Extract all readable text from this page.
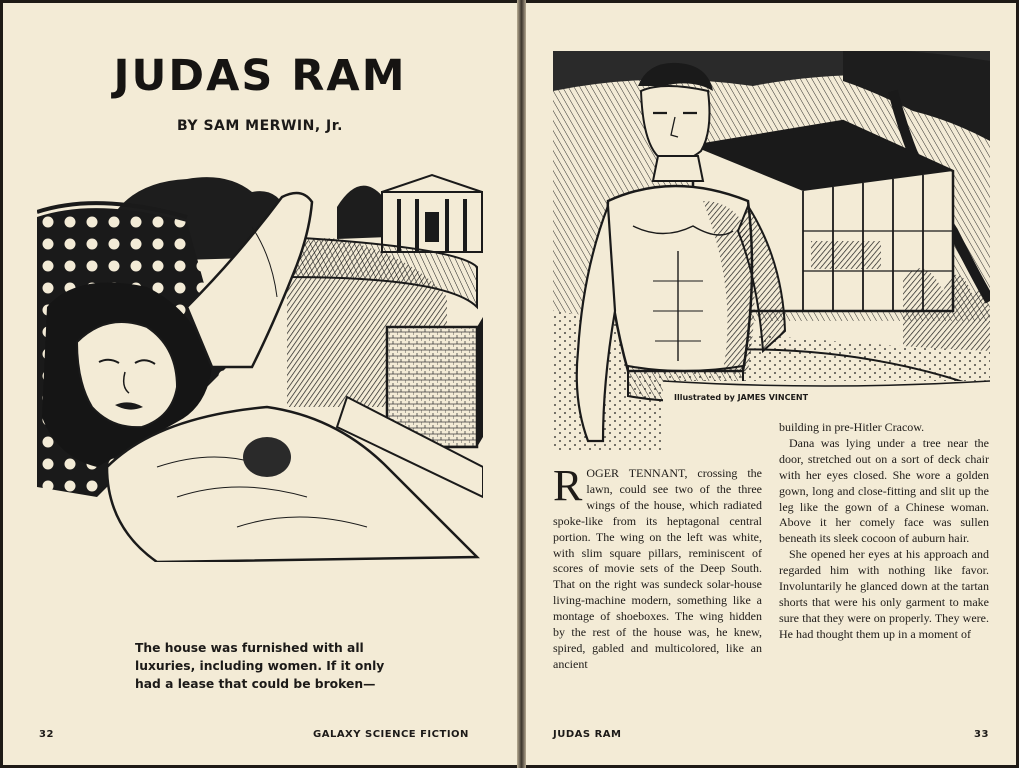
JUDAS RAM
BY SAM MERWIN, Jr.
The house was furnished with all luxuries, including women. If it only had a lease that could be broken—
32	GALAXY SCIENCE FICTION
Illustrated by JAMES VINCENT

ROGER TENNANT, crossing the lawn, could see two of the three wings of the house, which radiated spoke-like from its heptagonal central portion. The wing on the left was white, with slim square pillars, reminiscent of scores of movie sets of the Deep South. That on the right was sundeck solar-house living-machine modern, something like a montage of shoeboxes. The wing hidden by the rest of the house was, he knew, spired, gabled and multicolored, like an ancient

building in pre-Hitler Cracow.

Dana was lying under a tree near the door, stretched out on a sort of deck chair with her eyes closed. She wore a golden gown, long and close-fitting and slit up the leg like the gown of a Chinese woman. Above it her comely face was sullen beneath its sleek cocoon of auburn hair.

She opened her eyes at his approach and regarded him with nothing like favor. Involuntarily he glanced down at the tartan shorts that were his only garment to make sure that they were on properly. They were. He had thought them up in a moment of

JUDAS RAM	33
